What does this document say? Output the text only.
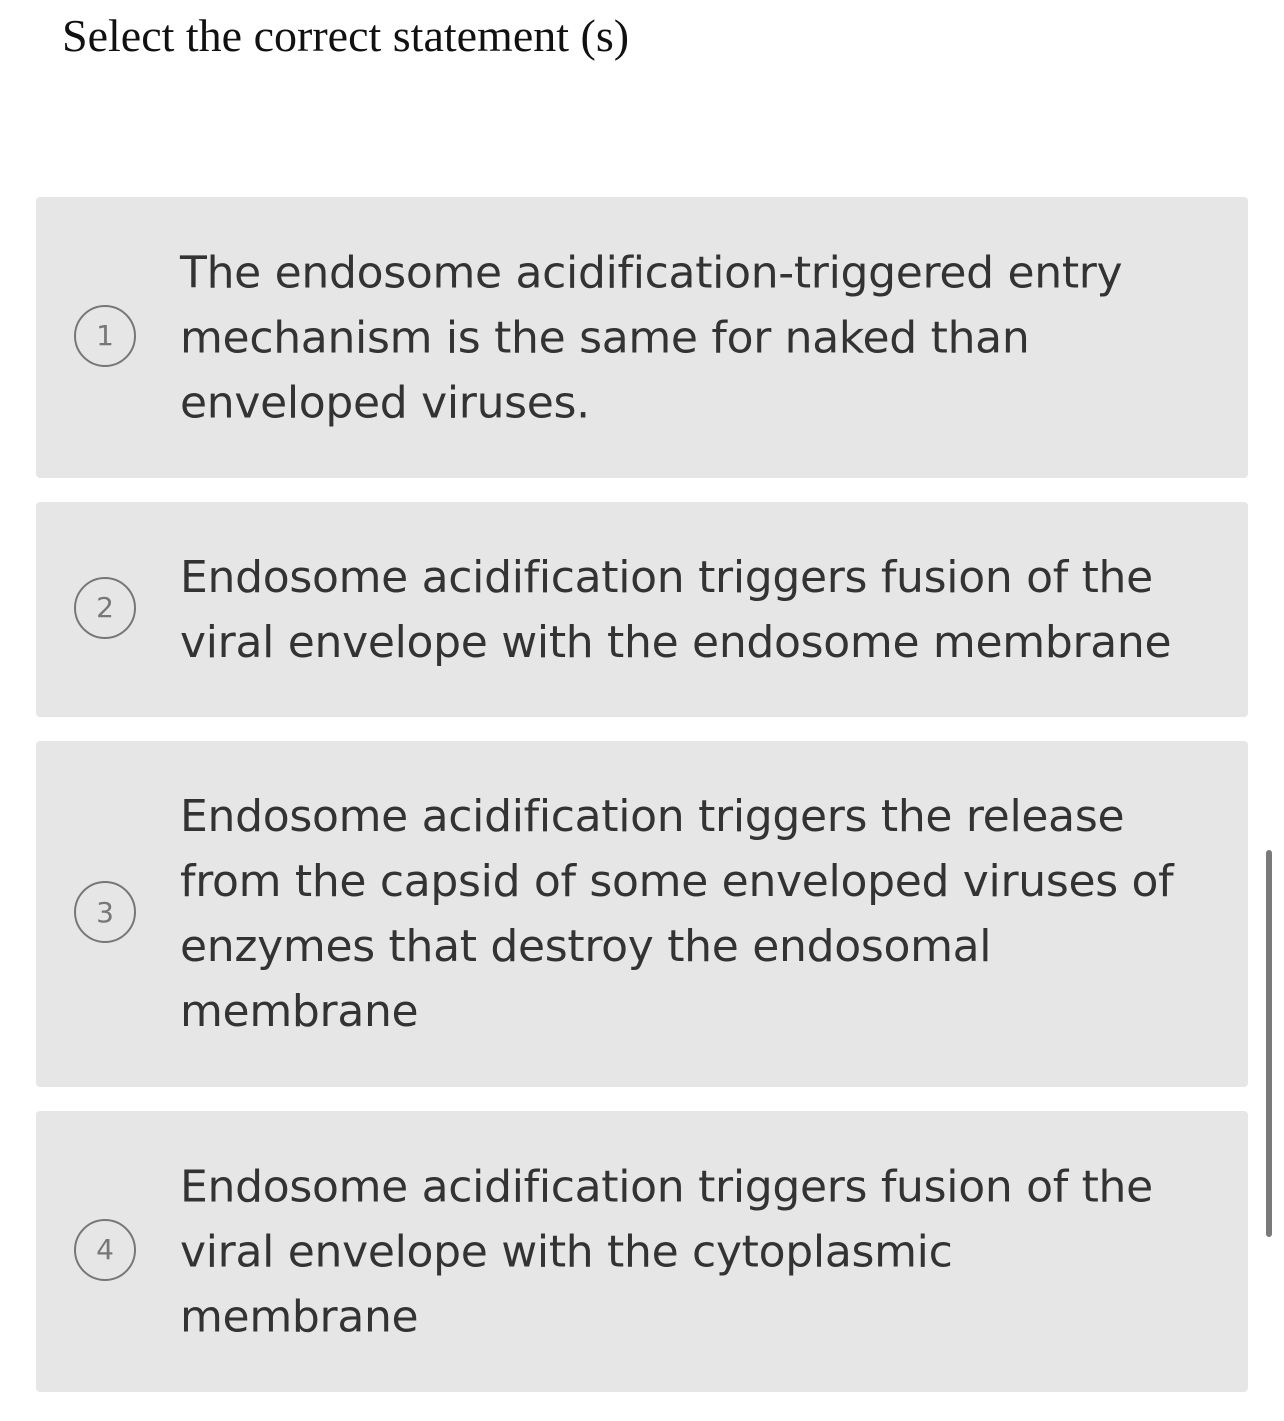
Select the correct statement (s)
1
The endosome acidification-triggered entry
mechanism is the same for naked than
enveloped viruses.
2
Endosome acidification triggers fusion of the
viral envelope with the endosome membrane
3
Endosome acidification triggers the release
from the capsid of some enveloped viruses of
enzymes that destroy the endosomal
membrane
4
Endosome acidification triggers fusion of the
viral envelope with the cytoplasmic
membrane
